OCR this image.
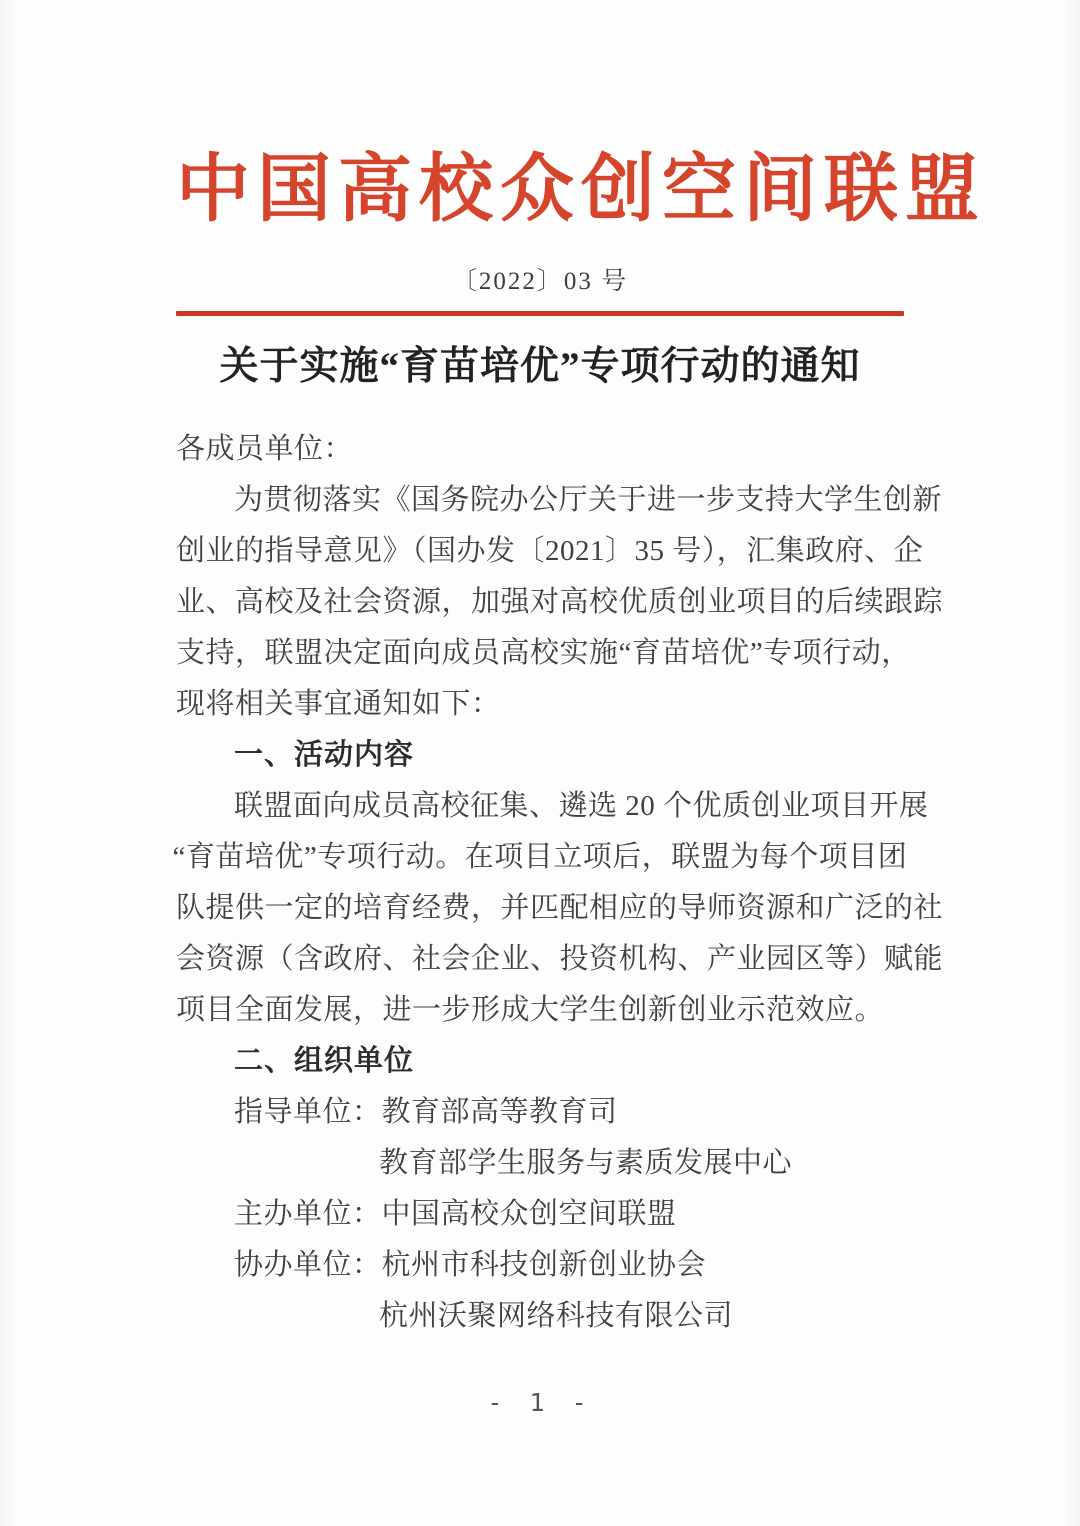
中国高校众创空间联盟
〔2022〕03 号
关于实施“育苗培优”专项行动的通知

各成员单位：

为贯彻落实《国务院办公厅关于进一步支持大学生创新

创业的指导意见》（国办发〔2021〕35 号），汇集政府、企

业、高校及社会资源，加强对高校优质创业项目的后续跟踪

支持，联盟决定面向成员高校实施“育苗培优”专项行动，

现将相关事宜通知如下：

一、活动内容

联盟面向成员高校征集、遴选 20 个优质创业项目开展

“育苗培优”专项行动。在项目立项后，联盟为每个项目团

队提供一定的培育经费，并匹配相应的导师资源和广泛的社

会资源（含政府、社会企业、投资机构、产业园区等）赋能

项目全面发展，进一步形成大学生创新创业示范效应。

二、组织单位

指导单位：教育部高等教育司

教育部学生服务与素质发展中心

主办单位：中国高校众创空间联盟

协办单位：杭州市科技创新创业协会

杭州沃聚网络科技有限公司

- 1 -
